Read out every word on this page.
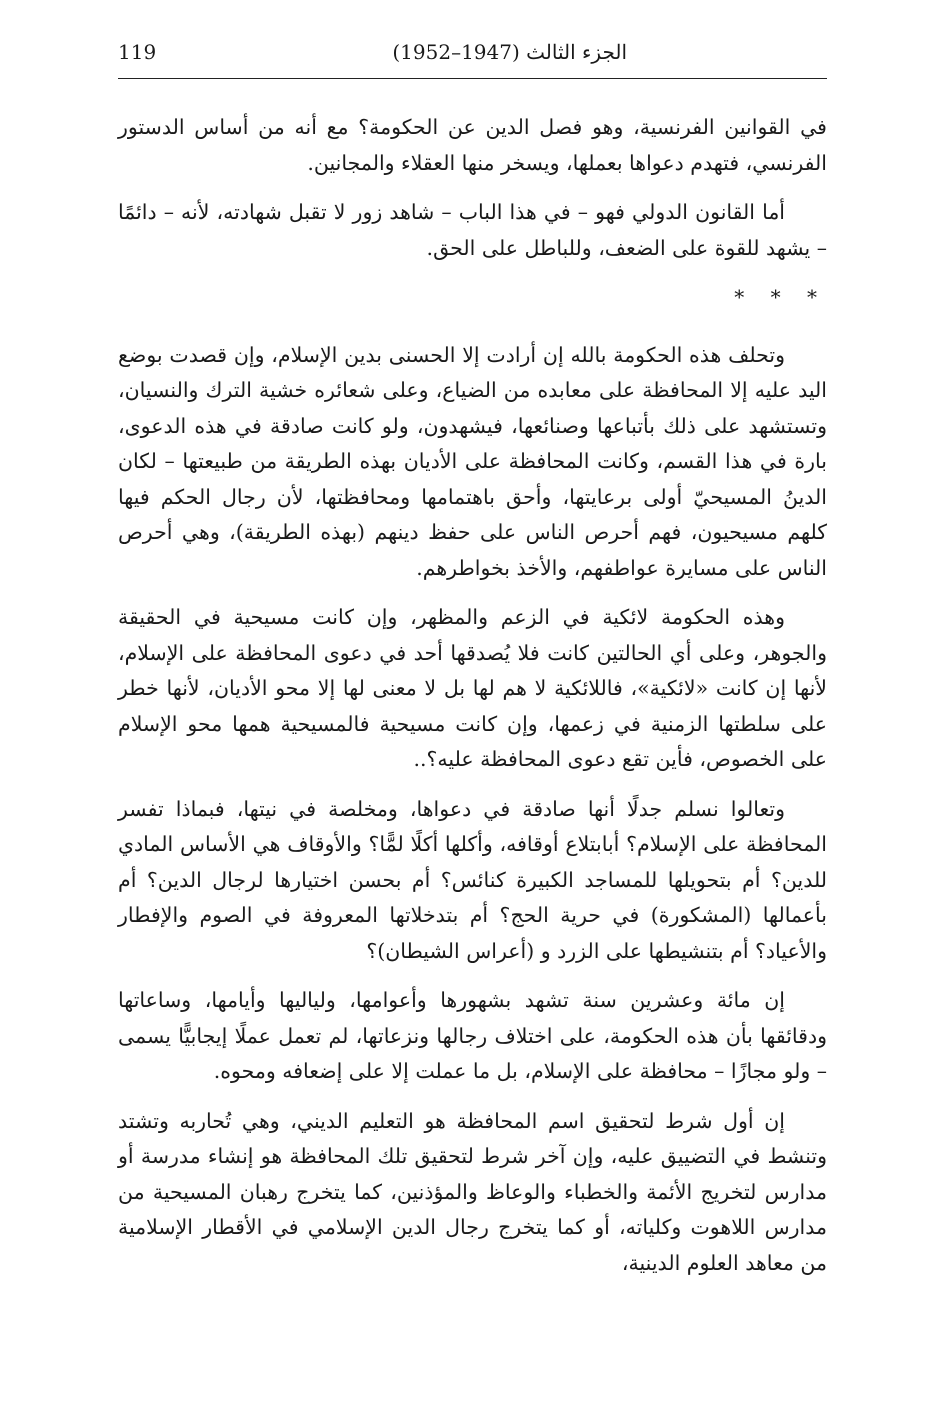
الجزء الثالث (1947–1952)
119

في القوانين الفرنسية، وهو فصل الدين عن الحكومة؟ مع أنه من أساس الدستور الفرنسي، فتهدم دعواها بعملها، ويسخر منها العقلاء والمجانين.

أما القانون الدولي فهو – في هذا الباب – شاهد زور لا تقبل شهادته، لأنه – دائمًا – يشهد للقوة على الضعف، وللباطل على الحق.

* * *

وتحلف هذه الحكومة بالله إن أرادت إلا الحسنى بدين الإسلام، وإن قصدت بوضع اليد عليه إلا المحافظة على معابده من الضياع، وعلى شعائره خشية الترك والنسيان، وتستشهد على ذلك بأتباعها وصنائعها، فيشهدون، ولو كانت صادقة في هذه الدعوى، بارة في هذا القسم، وكانت المحافظة على الأديان بهذه الطريقة من طبيعتها – لكان الدينُ المسيحيّ أولى برعايتها، وأحق باهتمامها ومحافظتها، لأن رجال الحكم فيها كلهم مسيحيون، فهم أحرص الناس على حفظ دينهم (بهذه الطريقة)، وهي أحرص الناس على مسايرة عواطفهم، والأخذ بخواطرهم.

وهذه الحكومة لائكية في الزعم والمظهر، وإن كانت مسيحية في الحقيقة والجوهر، وعلى أي الحالتين كانت فلا يُصدقها أحد في دعوى المحافظة على الإسلام، لأنها إن كانت «لائكية»، فاللائكية لا هم لها بل لا معنى لها إلا محو الأديان، لأنها خطر على سلطتها الزمنية في زعمها، وإن كانت مسيحية فالمسيحية همها محو الإسلام على الخصوص، فأين تقع دعوى المحافظة عليه؟..

وتعالوا نسلم جدلًا أنها صادقة في دعواها، ومخلصة في نيتها، فبماذا تفسر المحافظة على الإسلام؟ أبابتلاع أوقافه، وأكلها أكلًا لمًّا؟ والأوقاف هي الأساس المادي للدين؟ أم بتحويلها للمساجد الكبيرة كنائس؟ أم بحسن اختيارها لرجال الدين؟ أم بأعمالها (المشكورة) في حرية الحج؟ أم بتدخلاتها المعروفة في الصوم والإفطار والأعياد؟ أم بتنشيطها على الزرد و (أعراس الشيطان)؟

إن مائة وعشرين سنة تشهد بشهورها وأعوامها، ولياليها وأيامها، وساعاتها ودقائقها بأن هذه الحكومة، على اختلاف رجالها ونزعاتها، لم تعمل عملًا إيجابيًّا يسمى – ولو مجازًا – محافظة على الإسلام، بل ما عملت إلا على إضعافه ومحوه.

إن أول شرط لتحقيق اسم المحافظة هو التعليم الديني، وهي تُحاربه وتشتد وتنشط في التضييق عليه، وإن آخر شرط لتحقيق تلك المحافظة هو إنشاء مدرسة أو مدارس لتخريج الأئمة والخطباء والوعاظ والمؤذنين، كما يتخرج رهبان المسيحية من مدارس اللاهوت وكلياته، أو كما يتخرج رجال الدين الإسلامي في الأقطار الإسلامية من معاهد العلوم الدينية،
